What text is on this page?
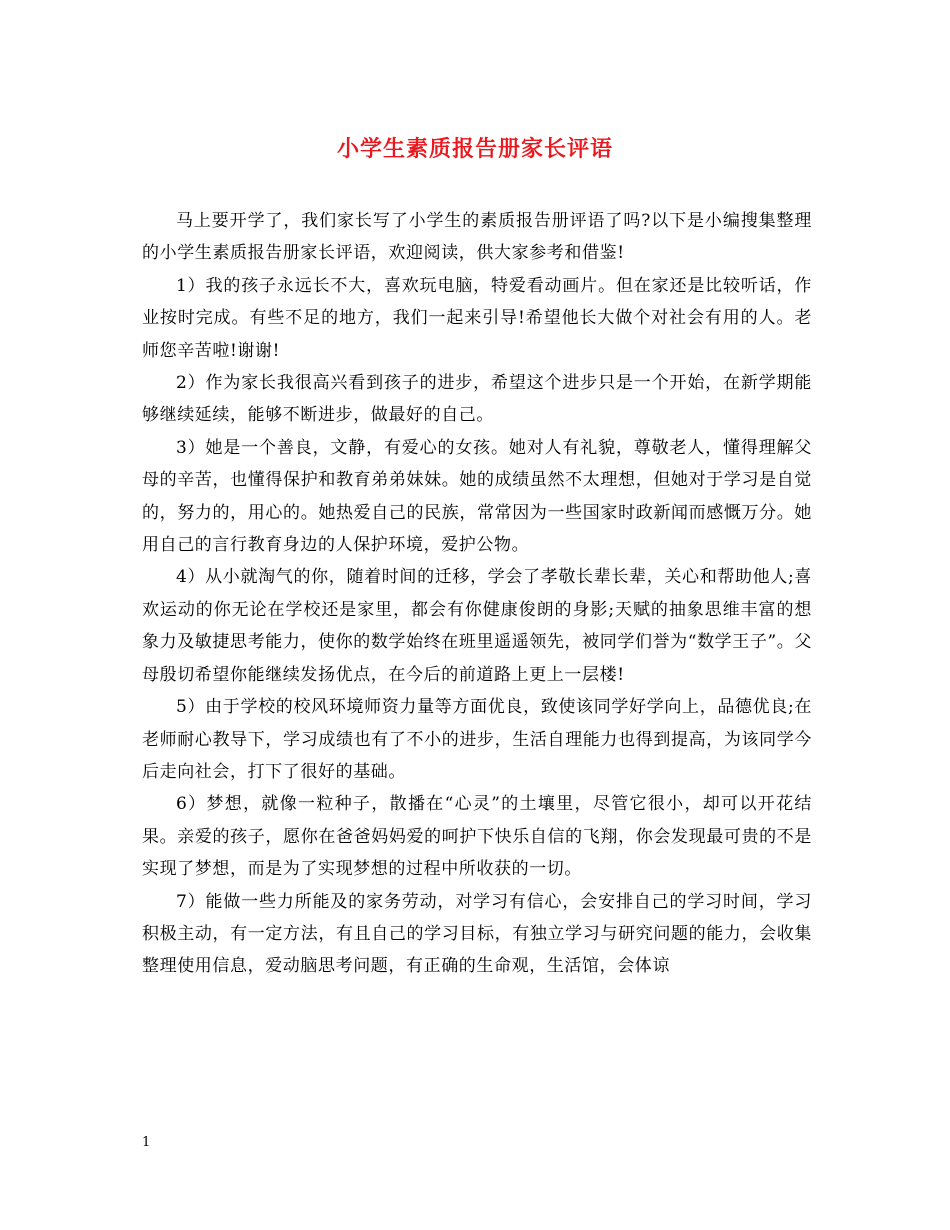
小学生素质报告册家长评语

马上要开学了，我们家长写了小学生的素质报告册评语了吗?以下是小编搜集整理的小学生素质报告册家长评语，欢迎阅读，供大家参考和借鉴!

1）我的孩子永远长不大，喜欢玩电脑，特爱看动画片。但在家还是比较听话，作业按时完成。有些不足的地方，我们一起来引导!希望他长大做个对社会有用的人。老师您辛苦啦!谢谢!

2）作为家长我很高兴看到孩子的进步，希望这个进步只是一个开始，在新学期能够继续延续，能够不断进步，做最好的自己。

3）她是一个善良，文静，有爱心的女孩。她对人有礼貌，尊敬老人，懂得理解父母的辛苦，也懂得保护和教育弟弟妹妹。她的成绩虽然不太理想，但她对于学习是自觉的，努力的，用心的。她热爱自己的民族，常常因为一些国家时政新闻而感慨万分。她用自己的言行教育身边的人保护环境，爱护公物。

4）从小就淘气的你，随着时间的迁移，学会了孝敬长辈长辈，关心和帮助他人;喜欢运动的你无论在学校还是家里，都会有你健康俊朗的身影;天赋的抽象思维丰富的想象力及敏捷思考能力，使你的数学始终在班里遥遥领先，被同学们誉为“数学王子”。父母殷切希望你能继续发扬优点，在今后的前道路上更上一层楼!

5）由于学校的校风环境师资力量等方面优良，致使该同学好学向上，品德优良;在老师耐心教导下，学习成绩也有了不小的进步，生活自理能力也得到提高，为该同学今后走向社会，打下了很好的基础。

6）梦想，就像一粒种子，散播在“心灵”的土壤里，尽管它很小，却可以开花结果。亲爱的孩子，愿你在爸爸妈妈爱的呵护下快乐自信的飞翔，你会发现最可贵的不是实现了梦想，而是为了实现梦想的过程中所收获的一切。

7）能做一些力所能及的家务劳动，对学习有信心，会安排自己的学习时间，学习积极主动，有一定方法，有且自己的学习目标，有独立学习与研究问题的能力，会收集整理使用信息，爱动脑思考问题，有正确的生命观，生活馆，会体谅

1
